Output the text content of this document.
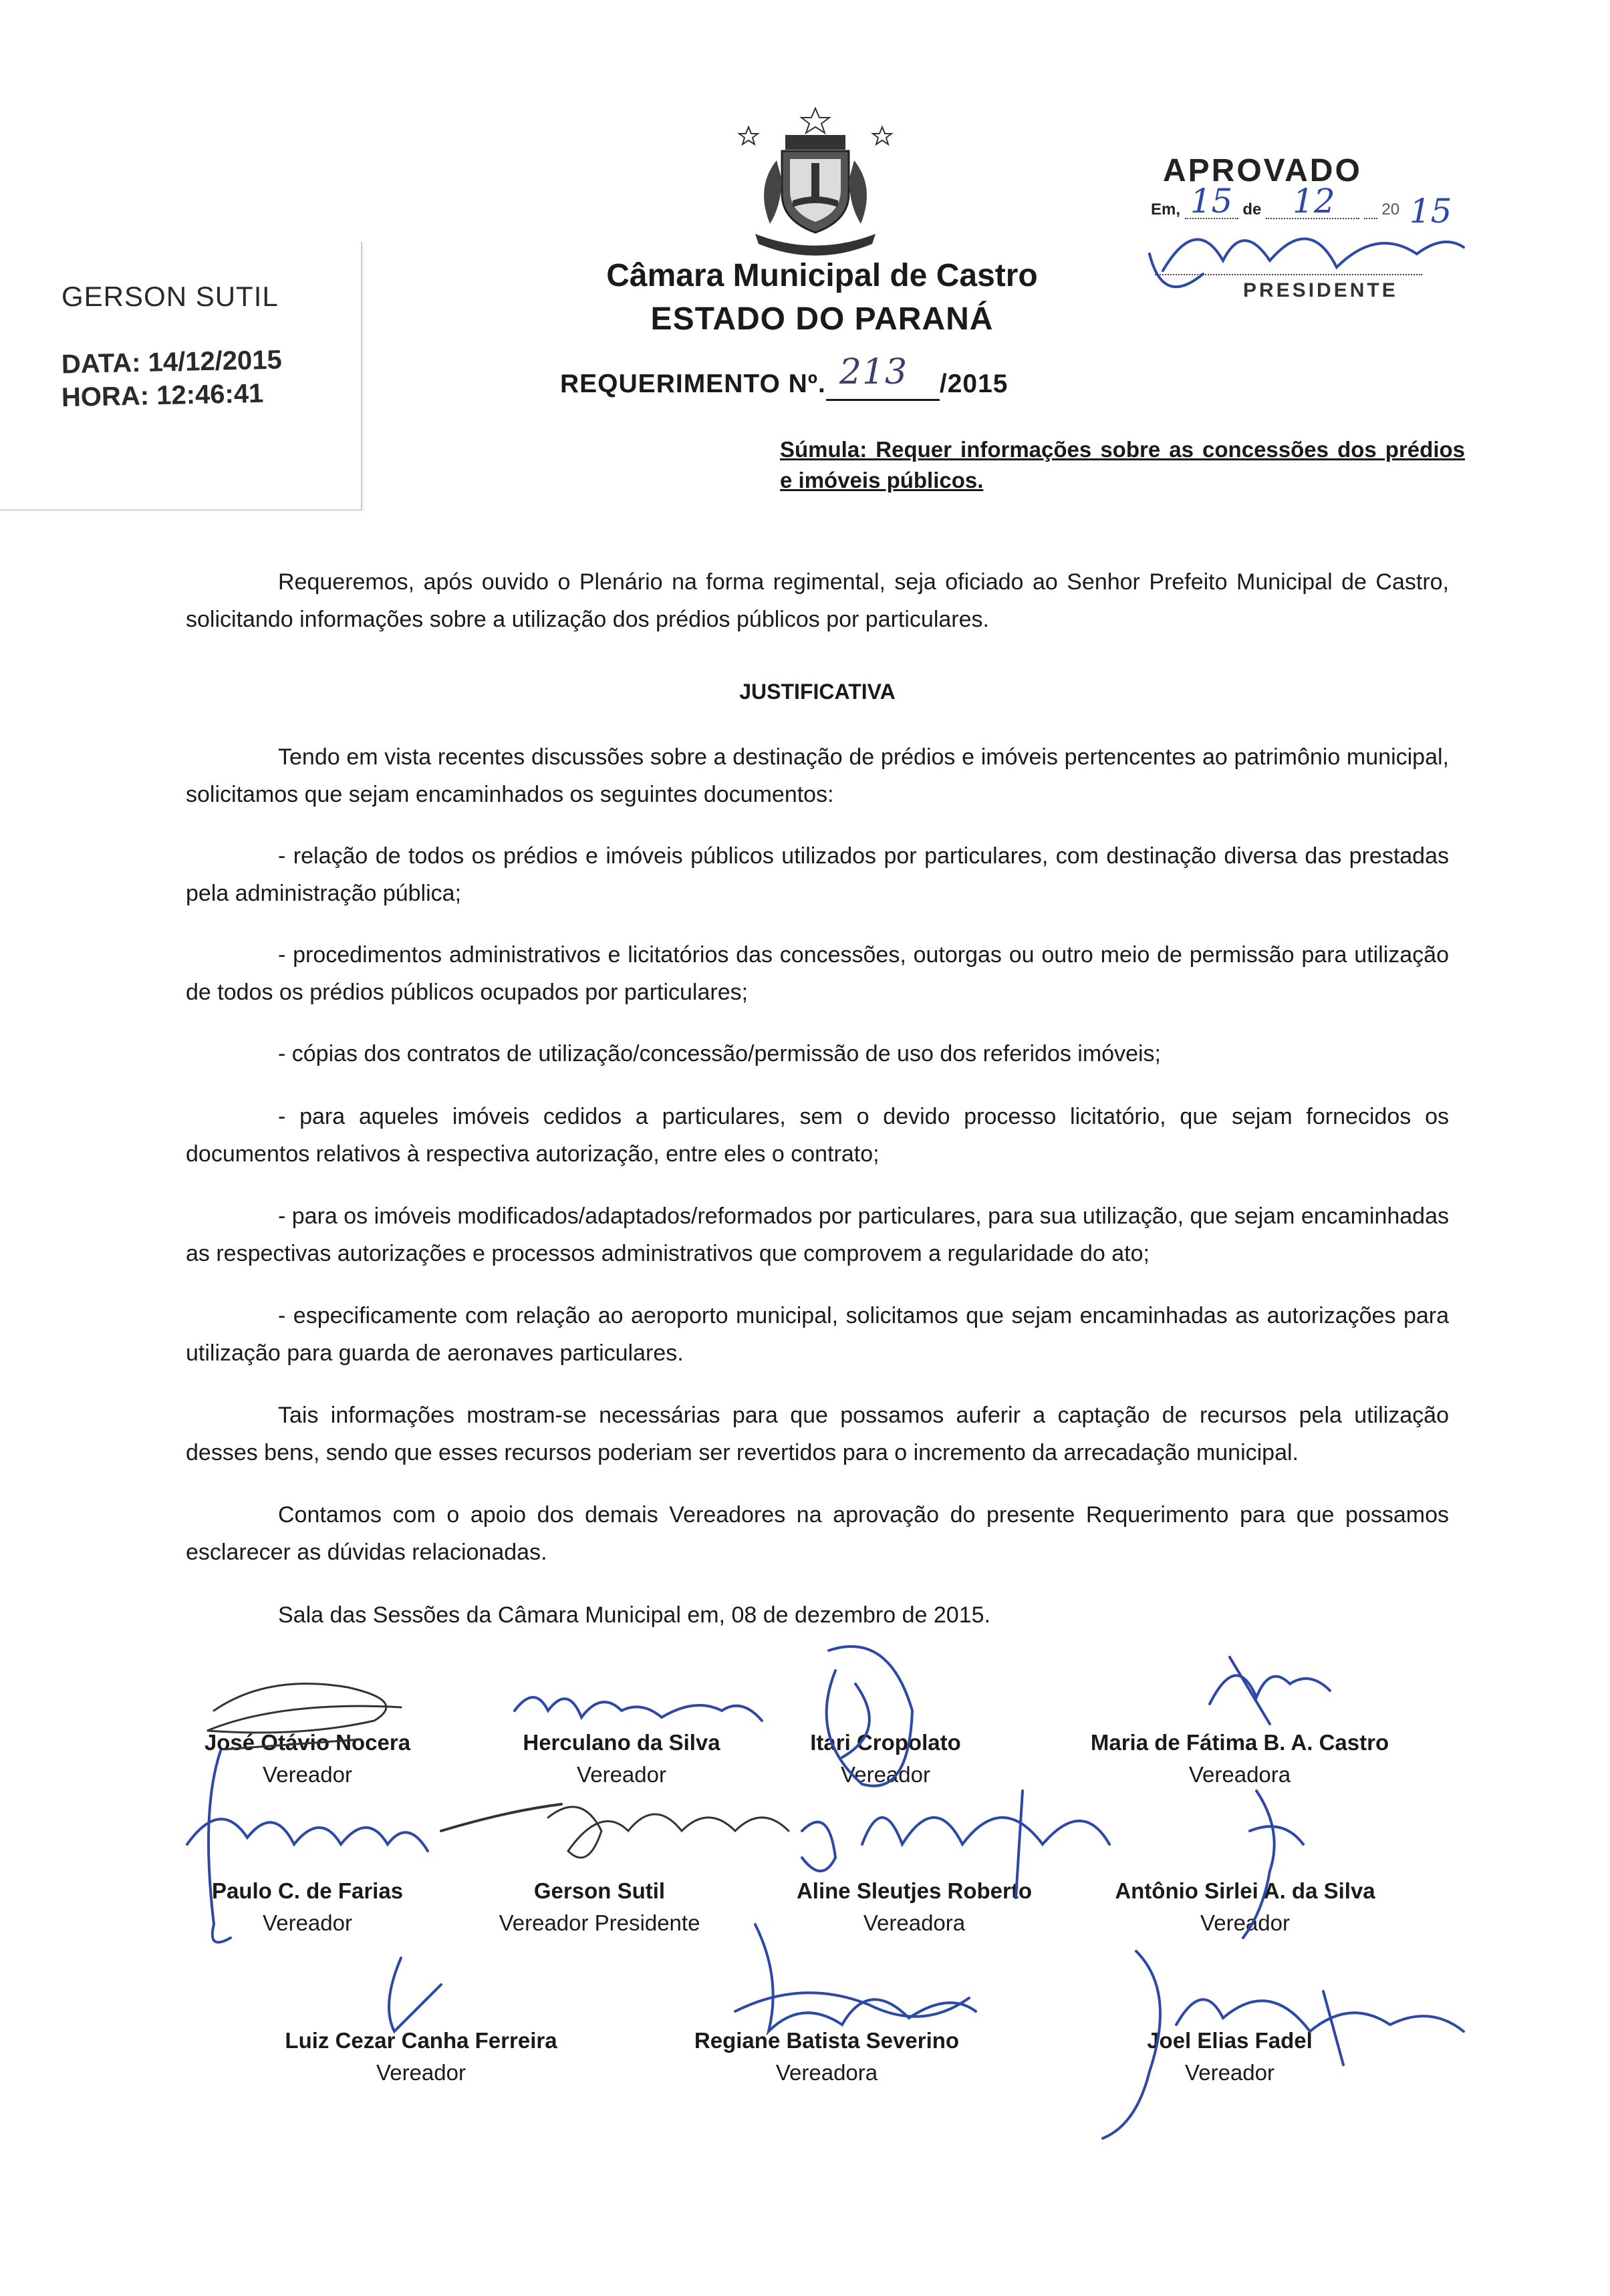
GERSON SUTIL
DATA: 14/12/2015
HORA: 12:46:41
Câmara Municipal de Castro
ESTADO DO PARANÁ
REQUERIMENTO Nº. 213 /2015
APROVADO
Em, 15 de 12	20 15
PRESIDENTE
Súmula: Requer informações sobre as concessões dos prédios e imóveis públicos.
Requeremos, após ouvido o Plenário na forma regimental, seja oficiado ao Senhor Prefeito Municipal de Castro, solicitando informações sobre a utilização dos prédios públicos por particulares.
JUSTIFICATIVA
Tendo em vista recentes discussões sobre a destinação de prédios e imóveis pertencentes ao patrimônio municipal, solicitamos que sejam encaminhados os seguintes documentos:
- relação de todos os prédios e imóveis públicos utilizados por particulares, com destinação diversa das prestadas pela administração pública;
- procedimentos administrativos e licitatórios das concessões, outorgas ou outro meio de permissão para utilização de todos os prédios públicos ocupados por particulares;
- cópias dos contratos de utilização/concessão/permissão de uso dos referidos imóveis;
- para aqueles imóveis cedidos a particulares, sem o devido processo licitatório, que sejam fornecidos os documentos relativos à respectiva autorização, entre eles o contrato;
- para os imóveis modificados/adaptados/reformados por particulares, para sua utilização, que sejam encaminhadas as respectivas autorizações e processos administrativos que comprovem a regularidade do ato;
- especificamente com relação ao aeroporto municipal, solicitamos que sejam encaminhadas as autorizações para utilização para guarda de aeronaves particulares.
Tais informações mostram-se necessárias para que possamos auferir a captação de recursos pela utilização desses bens, sendo que esses recursos poderiam ser revertidos para o incremento da arrecadação municipal.
Contamos com o apoio dos demais Vereadores na aprovação do presente Requerimento para que possamos esclarecer as dúvidas relacionadas.
Sala das Sessões da Câmara Municipal em, 08 de dezembro de 2015.
José Otávio Nocera
Vereador
Herculano da Silva
Vereador
Itari Cropolato
Vereador
Maria de Fátima B. A. Castro
Vereadora
Paulo C. de Farias
Vereador
Gerson Sutil
Vereador Presidente
Aline Sleutjes Roberto
Vereadora
Antônio Sirlei A. da Silva
Vereador
Luiz Cezar Canha Ferreira
Vereador
Regiane Batista Severino
Vereadora
Joel Elias Fadel
Vereador
